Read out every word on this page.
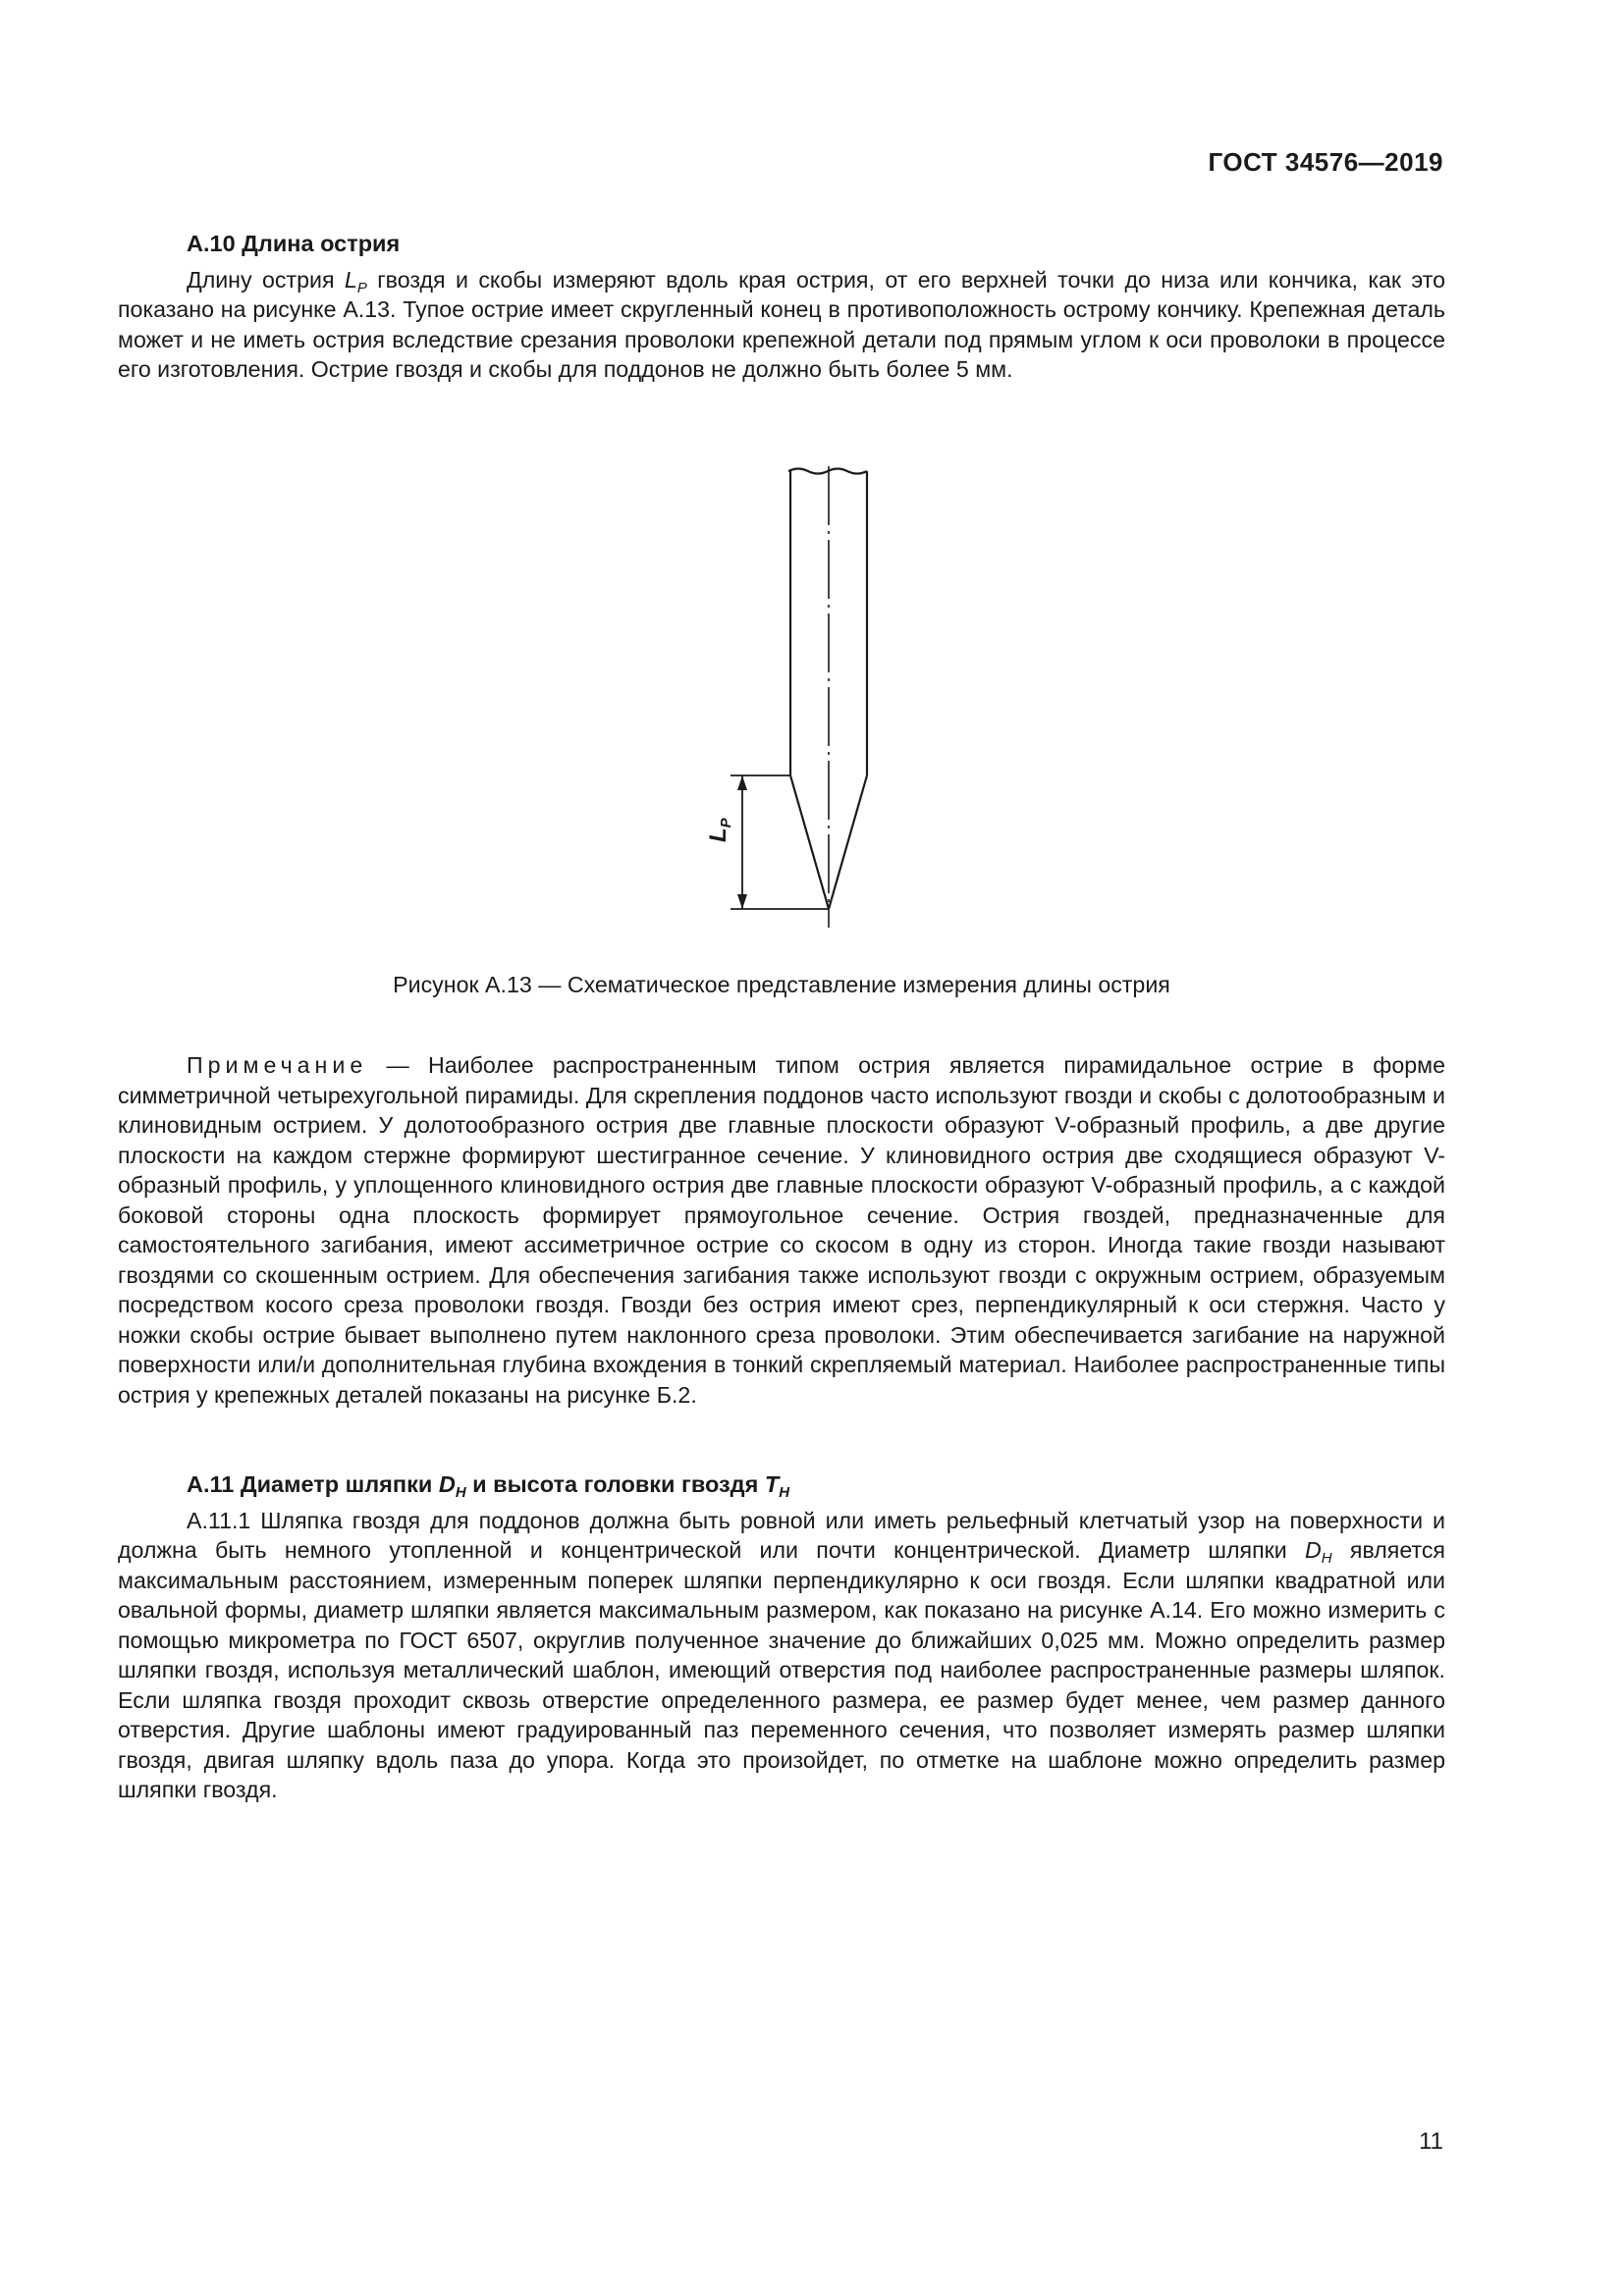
ГОСТ 34576—2019
А.10 Длина острия

Длину острия $L_P$ гвоздя и скобы измеряют вдоль края острия, от его верхней точки до низа или кончика, как это показано на рисунке А.13. Тупое острие имеет скругленный конец в противоположность острому кончику. Крепежная деталь может и не иметь острия вследствие срезания проволоки крепежной детали под прямым углом к оси проволоки в процессе его изготовления. Острие гвоздя и скобы для поддонов не должно быть более 5 мм.

$L_P$
Рисунок А.13 — Схематическое представление измерения длины острия

Примечание — Наиболее распространенным типом острия является пирамидальное острие в форме симметричной четырехугольной пирамиды. Для скрепления поддонов часто используют гвозди и скобы с долотообразным и клиновидным острием. У долотообразного острия две главные плоскости образуют V-образный профиль, а две другие плоскости на каждом стержне формируют шестигранное сечение. У клиновидного острия две сходящиеся образуют V-образный профиль, у уплощенного клиновидного острия две главные плоскости образуют V-образный профиль, а с каждой боковой стороны одна плоскость формирует прямоугольное сечение. Острия гвоздей, предназначенные для самостоятельного загибания, имеют ассиметричное острие со скосом в одну из сторон. Иногда такие гвозди называют гвоздями со скошенным острием. Для обеспечения загибания также используют гвозди с окружным острием, образуемым посредством косого среза проволоки гвоздя. Гвозди без острия имеют срез, перпендикулярный к оси стержня. Часто у ножки скобы острие бывает выполнено путем наклонного среза проволоки. Этим обеспечивается загибание на наружной поверхности или/и дополнительная глубина вхождения в тонкий скрепляемый материал. Наиболее распространенные типы острия у крепежных деталей показаны на рисунке Б.2.

А.11 Диаметр шляпки $D_H$ и высота головки гвоздя $T_H$

А.11.1 Шляпка гвоздя для поддонов должна быть ровной или иметь рельефный клетчатый узор на поверхности и должна быть немного утопленной и концентрической или почти концентрической. Диаметр шляпки $D_H$ является максимальным расстоянием, измеренным поперек шляпки перпендикулярно к оси гвоздя. Если шляпки квадратной или овальной формы, диаметр шляпки является максимальным размером, как показано на рисунке А.14. Его можно измерить с помощью микрометра по ГОСТ 6507, округлив полученное значение до ближайших 0,025 мм. Можно определить размер шляпки гвоздя, используя металлический шаблон, имеющий отверстия под наиболее распространенные размеры шляпок. Если шляпка гвоздя проходит сквозь отверстие определенного размера, ее размер будет менее, чем размер данного отверстия. Другие шаблоны имеют градуированный паз переменного сечения, что позволяет измерять размер шляпки гвоздя, двигая шляпку вдоль паза до упора. Когда это произойдет, по отметке на шаблоне можно определить размер шляпки гвоздя.

11
